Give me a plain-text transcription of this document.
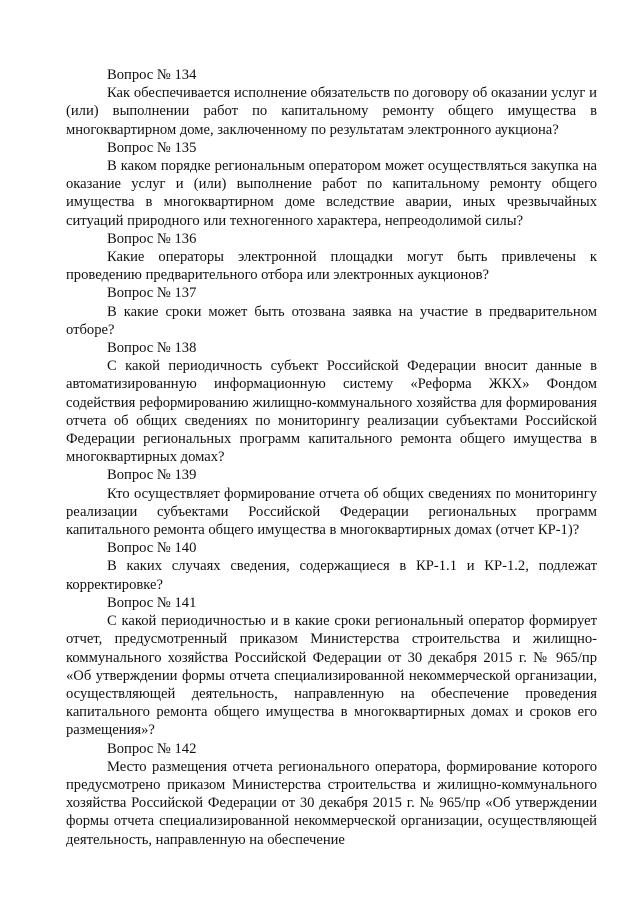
Вопрос № 134

Как обеспечивается исполнение обязательств по договору об оказании услуг и (или) выполнении работ по капитальному ремонту общего имущества в многоквартирном доме, заключенному по результатам электронного аукциона?

Вопрос № 135

В каком порядке региональным оператором может осуществляться закупка на оказание услуг и (или) выполнение работ по капитальному ремонту общего имущества в многоквартирном доме вследствие аварии, иных чрезвычайных ситуаций природного или техногенного характера, непреодолимой силы?

Вопрос № 136

Какие операторы электронной площадки могут быть привлечены к проведению предварительного отбора или электронных аукционов?

Вопрос № 137

В какие сроки может быть отозвана заявка на участие в предварительном отборе?

Вопрос № 138

С какой периодичность субъект Российской Федерации вносит данные в автоматизированную информационную систему «Реформа ЖКХ» Фондом содействия реформированию жилищно-коммунального хозяйства для формирования отчета об общих сведениях по мониторингу реализации субъектами Российской Федерации региональных программ капитального ремонта общего имущества в многоквартирных домах?

Вопрос № 139

Кто осуществляет формирование отчета об общих сведениях по мониторингу реализации субъектами Российской Федерации региональных программ капитального ремонта общего имущества в многоквартирных домах (отчет КР-1)?

Вопрос № 140

В каких случаях сведения, содержащиеся в КР-1.1 и КР-1.2, подлежат корректировке?

Вопрос № 141

С какой периодичностью и в какие сроки региональный оператор формирует отчет, предусмотренный приказом Министерства строительства и жилищно-коммунального хозяйства Российской Федерации от 30 декабря 2015 г. № 965/пр «Об утверждении формы отчета специализированной некоммерческой организации, осуществляющей деятельность, направленную на обеспечение проведения капитального ремонта общего имущества в многоквартирных домах и сроков его размещения»?

Вопрос № 142

Место размещения отчета регионального оператора, формирование которого предусмотрено приказом Министерства строительства и жилищно-коммунального хозяйства Российской Федерации от 30 декабря 2015 г. № 965/пр «Об утверждении формы отчета специализированной некоммерческой организации, осуществляющей деятельность, направленную на обеспечение
